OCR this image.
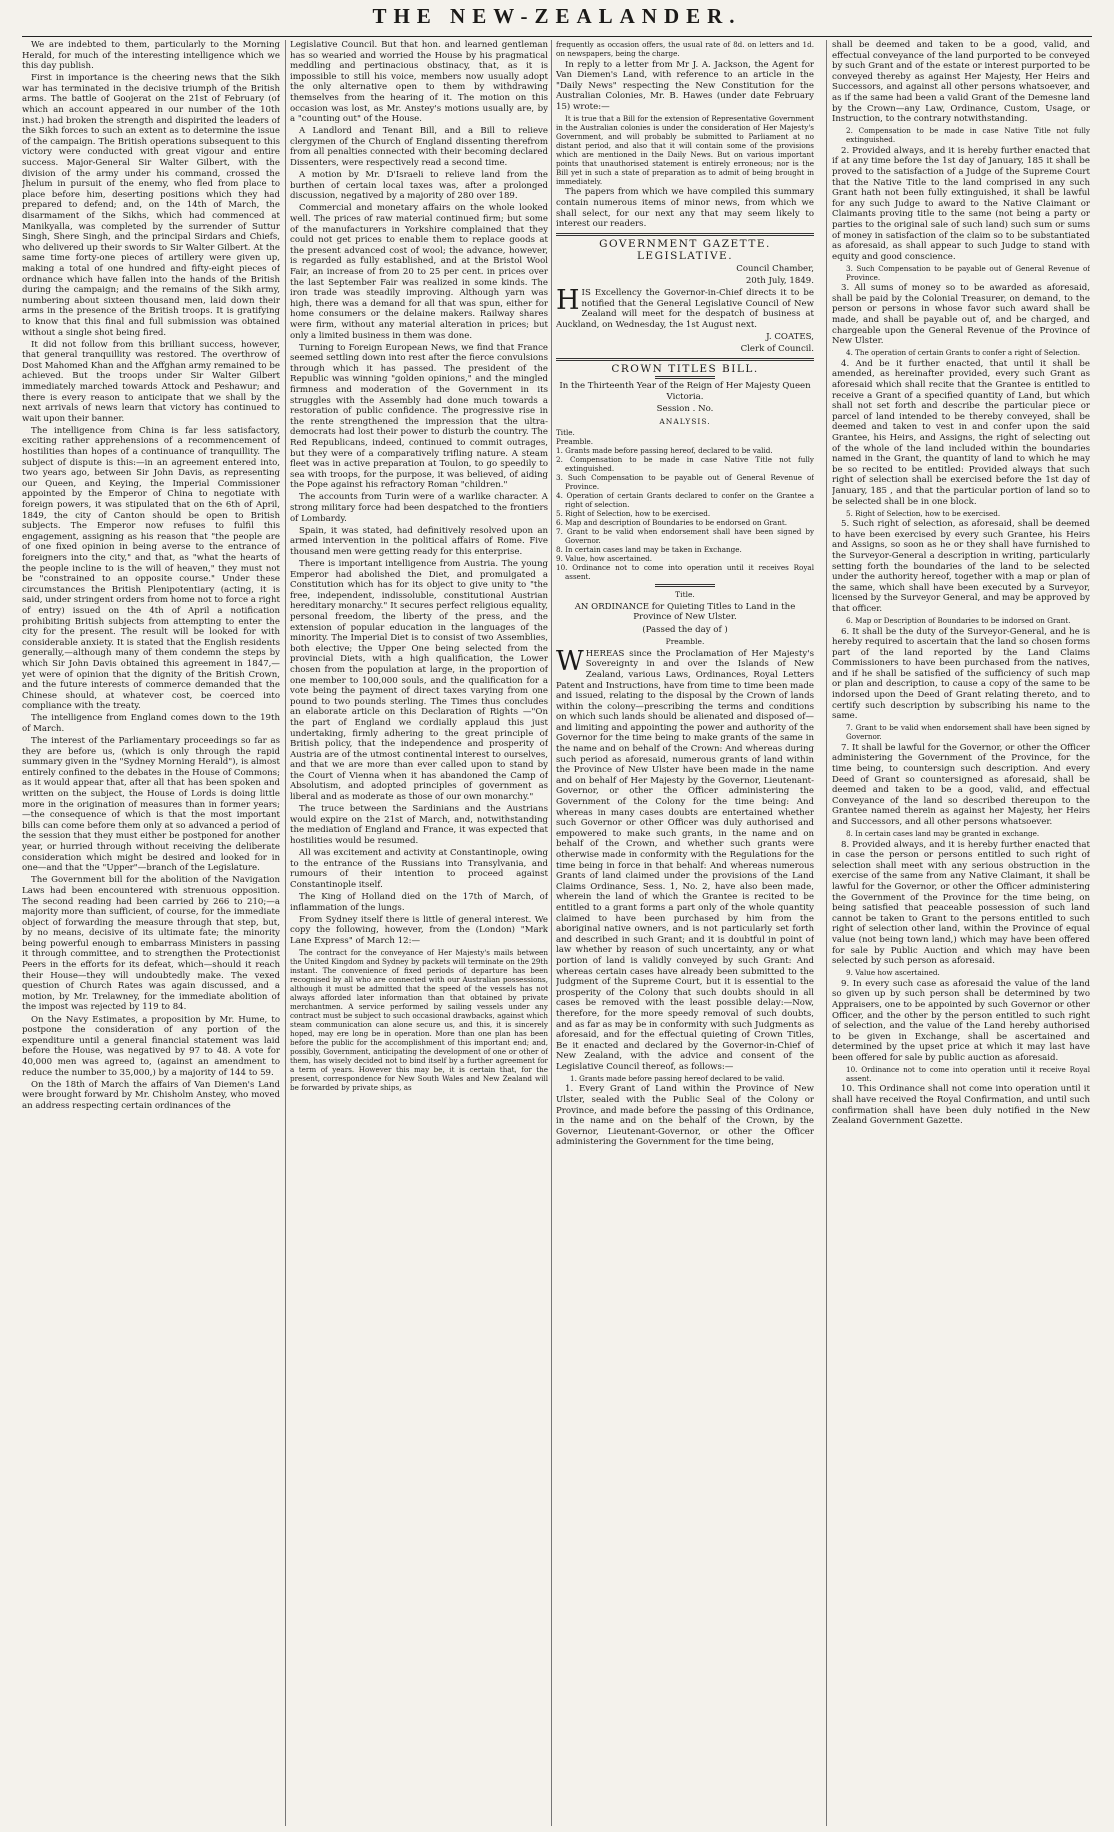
THE NEW-ZEALANDER.

We are indebted to them, particularly to the Morning Herald, for much of the interesting intelligence which we this day publish.

First in importance is the cheering news that the Sikh war has terminated in the decisive triumph of the British arms. The battle of Goojerat on the 21st of February (of which an account appeared in our number of the 10th inst.) had broken the strength and dispirited the leaders of the Sikh forces to such an extent as to determine the issue of the campaign. The British operations subsequent to this victory were conducted with great vigour and entire success. Major-General Sir Walter Gilbert, with the division of the army under his command, crossed the Jhelum in pursuit of the enemy, who fled from place to place before him, deserting positions which they had prepared to defend; and, on the 14th of March, the disarmament of the Sikhs, which had commenced at Manikyalla, was completed by the surrender of Suttur Singh, Shere Singh, and the principal Sirdars and Chiefs, who delivered up their swords to Sir Walter Gilbert. At the same time forty-one pieces of artillery were given up, making a total of one hundred and fifty-eight pieces of ordnance which have fallen into the hands of the British during the campaign; and the remains of the Sikh army, numbering about sixteen thousand men, laid down their arms in the presence of the British troops. It is gratifying to know that this final and full submission was obtained without a single shot being fired.

It did not follow from this brilliant success, however, that general tranquillity was restored. The overthrow of Dost Mahomed Khan and the Affghan army remained to be achieved. But the troops under Sir Walter Gilbert immediately marched towards Attock and Peshawur; and there is every reason to anticipate that we shall by the next arrivals of news learn that victory has continued to wait upon their banner.

The intelligence from China is far less satisfactory, exciting rather apprehensions of a recommencement of hostilities than hopes of a continuance of tranquillity. The subject of dispute is this:—in an agreement entered into, two years ago, between Sir John Davis, as representing our Queen, and Keying, the Imperial Commissioner appointed by the Emperor of China to negotiate with foreign powers, it was stipulated that on the 6th of April, 1849, the city of Canton should be open to British subjects. The Emperor now refuses to fulfil this engagement, assigning as his reason that "the people are of one fixed opinion in being averse to the entrance of foreigners into the city," and that, as "what the hearts of the people incline to is the will of heaven," they must not be "constrained to an opposite course." Under these circumstances the British Plenipotentiary (acting, it is said, under stringent orders from home not to force a right of entry) issued on the 4th of April a notification prohibiting British subjects from attempting to enter the city for the present. The result will be looked for with considerable anxiety. It is stated that the English residents generally,—although many of them condemn the steps by which Sir John Davis obtained this agreement in 1847,—yet were of opinion that the dignity of the British Crown, and the future interests of commerce demanded that the Chinese should, at whatever cost, be coerced into compliance with the treaty.

The intelligence from England comes down to the 19th of March.

The interest of the Parliamentary proceedings so far as they are before us, (which is only through the rapid summary given in the "Sydney Morning Herald"), is almost entirely confined to the debates in the House of Commons; as it would appear that, after all that has been spoken and written on the subject, the House of Lords is doing little more in the origination of measures than in former years;—the consequence of which is that the most important bills can come before them only at so advanced a period of the session that they must either be postponed for another year, or hurried through without receiving the deliberate consideration which might be desired and looked for in one—and that the "Upper"—branch of the Legislature.

The Government bill for the abolition of the Navigation Laws had been encountered with strenuous opposition. The second reading had been carried by 266 to 210;—a majority more than sufficient, of course, for the immediate object of forwarding the measure through that step, but, by no means, decisive of its ultimate fate; the minority being powerful enough to embarrass Ministers in passing it through committee, and to strengthen the Protectionist Peers in the efforts for its defeat, which—should it reach their House—they will undoubtedly make. The vexed question of Church Rates was again discussed, and a motion, by Mr. Trelawney, for the immediate abolition of the impost was rejected by 119 to 84.

On the Navy Estimates, a proposition by Mr. Hume, to postpone the consideration of any portion of the expenditure until a general financial statement was laid before the House, was negatived by 97 to 48. A vote for 40,000 men was agreed to, (against an amendment to reduce the number to 35,000,) by a majority of 144 to 59.

On the 18th of March the affairs of Van Diemen's Land were brought forward by Mr. Chisholm Anstey, who moved an address respecting certain ordinances of the

Legislative Council. But that hon. and learned gentleman has so wearied and worried the House by his pragmatical meddling and pertinacious obstinacy, that, as it is impossible to still his voice, members now usually adopt the only alternative open to them by withdrawing themselves from the hearing of it. The motion on this occasion was lost, as Mr. Anstey's motions usually are, by a "counting out" of the House.

A Landlord and Tenant Bill, and a Bill to relieve clergymen of the Church of England dissenting therefrom from all penalties connected with their becoming declared Dissenters, were respectively read a second time.

A motion by Mr. D'Israeli to relieve land from the burthen of certain local taxes was, after a prolonged discussion, negatived by a majority of 280 over 189.

Commercial and monetary affairs on the whole looked well. The prices of raw material continued firm; but some of the manufacturers in Yorkshire complained that they could not get prices to enable them to replace goods at the present advanced cost of wool; the advance, however, is regarded as fully established, and at the Bristol Wool Fair, an increase of from 20 to 25 per cent. in prices over the last September Fair was realized in some kinds. The iron trade was steadily improving. Although yarn was high, there was a demand for all that was spun, either for home consumers or the delaine makers. Railway shares were firm, without any material alteration in prices; but only a limited business in them was done.

Turning to Foreign European News, we find that France seemed settling down into rest after the fierce convulsions through which it has passed. The president of the Republic was winning "golden opinions," and the mingled firmness and moderation of the Government in its struggles with the Assembly had done much towards a restoration of public confidence. The progressive rise in the rente strengthened the impression that the ultra-democrats had lost their power to disturb the country. The Red Republicans, indeed, continued to commit outrages, but they were of a comparatively trifling nature. A steam fleet was in active preparation at Toulon, to go speedily to sea with troops, for the purpose, it was believed, of aiding the Pope against his refractory Roman "children."

The accounts from Turin were of a warlike character. A strong military force had been despatched to the frontiers of Lombardy.

Spain, it was stated, had definitively resolved upon an armed intervention in the political affairs of Rome. Five thousand men were getting ready for this enterprise.

There is important intelligence from Austria. The young Emperor had abolished the Diet, and promulgated a Constitution which has for its object to give unity to "the free, independent, indissoluble, constitutional Austrian hereditary monarchy." It secures perfect religious equality, personal freedom, the liberty of the press, and the extension of popular education in the languages of the minority. The Imperial Diet is to consist of two Assemblies, both elective; the Upper One being selected from the provincial Diets, with a high qualification, the Lower chosen from the population at large, in the proportion of one member to 100,000 souls, and the qualification for a vote being the payment of direct taxes varying from one pound to two pounds sterling. The Times thus concludes an elaborate article on this Declaration of Rights —"On the part of England we cordially applaud this just undertaking, firmly adhering to the great principle of British policy, that the independence and prosperity of Austria are of the utmost continental interest to ourselves, and that we are more than ever called upon to stand by the Court of Vienna when it has abandoned the Camp of Absolutism, and adopted principles of government as liberal and as moderate as those of our own monarchy."

The truce between the Sardinians and the Austrians would expire on the 21st of March, and, notwithstanding the mediation of England and France, it was expected that hostilities would be resumed.

All was excitement and activity at Constantinople, owing to the entrance of the Russians into Transylvania, and rumours of their intention to proceed against Constantinople itself.

The King of Holland died on the 17th of March, of inflammation of the lungs.

From Sydney itself there is little of general interest. We copy the following, however, from the (London) "Mark Lane Express" of March 12:—

The contract for the conveyance of Her Majesty's mails between the United Kingdom and Sydney by packets will terminate on the 29th instant. The convenience of fixed periods of departure has been recognised by all who are connected with our Australian possessions, although it must be admitted that the speed of the vessels has not always afforded later information than that obtained by private merchantmen. A service performed by sailing vessels under any contract must be subject to such occasional drawbacks, against which steam communication can alone secure us, and this, it is sincerely hoped, may ere long be in operation. More than one plan has been before the public for the accomplishment of this important end; and, possibly, Government, anticipating the development of one or other of them, has wisely decided not to bind itself by a further agreement for a term of years. However this may be, it is certain that, for the present, correspondence for New South Wales and New Zealand will be forwarded by private ships, as

frequently as occasion offers, the usual rate of 8d. on letters and 1d. on newspapers, being the charge.

In reply to a letter from Mr J. A. Jackson, the Agent for Van Diemen's Land, with reference to an article in the "Daily News" respecting the New Constitution for the Australian Colonies, Mr. B. Hawes (under date February 15) wrote:—

It is true that a Bill for the extension of Representative Government in the Australian colonies is under the consideration of Her Majesty's Government, and will probably be submitted to Parliament at no distant period, and also that it will contain some of the provisions which are mentioned in the Daily News. But on various important points that unauthorised statement is entirely erroneous; nor is the Bill yet in such a state of preparation as to admit of being brought in immediately.

The papers from which we have compiled this summary contain numerous items of minor news, from which we shall select, for our next any that may seem likely to interest our readers.

GOVERNMENT GAZETTE.
LEGISLATIVE.

Council Chamber,

20th July, 1849.

HIS Excellency the Governor-in-Chief directs it to be notified that the General Legislative Council of New Zealand will meet for the despatch of business at Auckland, on Wednesday, the 1st August next.

J. COATES,

Clerk of Council.

CROWN TITLES BILL.

In the Thirteenth Year of the Reign of Her Majesty Queen Victoria.

Session . No.

ANALYSIS.
Title.
Preamble.
1. Grants made before passing hereof, declared to be valid.
2. Compensation to be made in case Native Title not fully extinguished.
3. Such Compensation to be payable out of General Revenue of Province.
4. Operation of certain Grants declared to confer on the Grantee a right of selection.
5. Right of Selection, how to be exercised.
6. Map and description of Boundaries to be endorsed on Grant.
7. Grant to be valid when endorsement shall have been signed by Governor.
8. In certain cases land may be taken in Exchange.
9. Value, how ascertained.
10. Ordinance not to come into operation until it receives Royal assent.
Title.

AN ORDINANCE for Quieting Titles to Land in the Province of New Ulster.

(Passed the day of )

Preamble.

WHEREAS since the Proclamation of Her Majesty's Sovereignty in and over the Islands of New Zealand, various Laws, Ordinances, Royal Letters Patent and Instructions, have from time to time been made and issued, relating to the disposal by the Crown of lands within the colony—prescribing the terms and conditions on which such lands should be alienated and disposed of—and limiting and appointing the power and authority of the Governor for the time being to make grants of the same in the name and on behalf of the Crown: And whereas during such period as aforesaid, numerous grants of land within the Province of New Ulster have been made in the name and on behalf of Her Majesty by the Governor, Lieutenant-Governor, or other the Officer administering the Government of the Colony for the time being: And whereas in many cases doubts are entertained whether such Governor or other Officer was duly authorised and empowered to make such grants, in the name and on behalf of the Crown, and whether such grants were otherwise made in conformity with the Regulations for the time being in force in that behalf: And whereas numerous Grants of land claimed under the provisions of the Land Claims Ordinance, Sess. 1, No. 2, have also been made, wherein the land of which the Grantee is recited to be entitled to a grant forms a part only of the whole quantity claimed to have been purchased by him from the aboriginal native owners, and is not particularly set forth and described in such Grant; and it is doubtful in point of law whether by reason of such uncertainty, any or what portion of land is validly conveyed by such Grant: And whereas certain cases have already been submitted to the Judgment of the Supreme Court, but it is essential to the prosperity of the Colony that such doubts should in all cases be removed with the least possible delay:—Now, therefore, for the more speedy removal of such doubts, and as far as may be in conformity with such Judgments as aforesaid, and for the effectual quieting of Crown Titles, Be it enacted and declared by the Governor-in-Chief of New Zealand, with the advice and consent of the Legislative Council thereof, as follows:—

1. Grants made before passing hereof declared to be valid.

1. Every Grant of Land within the Province of New Ulster, sealed with the Public Seal of the Colony or Province, and made before the passing of this Ordinance, in the name and on the behalf of the Crown, by the Governor, Lieutenant-Governor, or other the Officer administering the Government for the time being,

shall be deemed and taken to be a good, valid, and effectual conveyance of the land purported to be conveyed by such Grant and of the estate or interest purported to be conveyed thereby as against Her Majesty, Her Heirs and Successors, and against all other persons whatsoever, and as if the same had been a valid Grant of the Demesne land by the Crown—any Law, Ordinance, Custom, Usage, or Instruction, to the contrary notwithstanding.

2. Compensation to be made in case Native Title not fully extinguished.

2. Provided always, and it is hereby further enacted that if at any time before the 1st day of January, 185 it shall be proved to the satisfaction of a Judge of the Supreme Court that the Native Title to the land comprised in any such Grant hath not been fully extinguished, it shall be lawful for any such Judge to award to the Native Claimant or Claimants proving title to the same (not being a party or parties to the original sale of such land) such sum or sums of money in satisfaction of the claim so to be substantiated as aforesaid, as shall appear to such Judge to stand with equity and good conscience.

3. Such Compensation to be payable out of General Revenue of Province.

3. All sums of money so to be awarded as aforesaid, shall be paid by the Colonial Treasurer, on demand, to the person or persons in whose favor such award shall be made, and shall be payable out of, and be charged, and chargeable upon the General Revenue of the Province of New Ulster.

4. The operation of certain Grants to confer a right of Selection.

4. And be it further enacted, that until it shall be amended, as hereinafter provided, every such Grant as aforesaid which shall recite that the Grantee is entitled to receive a Grant of a specified quantity of Land, but which shall not set forth and describe the particular piece or parcel of land intended to be thereby conveyed, shall be deemed and taken to vest in and confer upon the said Grantee, his Heirs, and Assigns, the right of selecting out of the whole of the land included within the boundaries named in the Grant, the quantity of land to which he may be so recited to be entitled: Provided always that such right of selection shall be exercised before the 1st day of January, 185 , and that the particular portion of land so to be selected shall be in one block.

5. Right of Selection, how to be exercised.

5. Such right of selection, as aforesaid, shall be deemed to have been exercised by every such Grantee, his Heirs and Assigns, so soon as he or they shall have furnished to the Surveyor-General a description in writing, particularly setting forth the boundaries of the land to be selected under the authority hereof, together with a map or plan of the same, which shall have been executed by a Surveyor, licensed by the Surveyor General, and may be approved by that officer.

6. Map or Description of Boundaries to be indorsed on Grant.

6. It shall be the duty of the Surveyor-General, and he is hereby required to ascertain that the land so chosen forms part of the land reported by the Land Claims Commissioners to have been purchased from the natives, and if he shall be satisfied of the sufficiency of such map or plan and description, to cause a copy of the same to be indorsed upon the Deed of Grant relating thereto, and to certify such description by subscribing his name to the same.

7. Grant to be valid when endorsement shall have been signed by Governor.

7. It shall be lawful for the Governor, or other the Officer administering the Government of the Province, for the time being, to countersign such description. And every Deed of Grant so countersigned as aforesaid, shall be deemed and taken to be a good, valid, and effectual Conveyance of the land so described thereupon to the Grantee named therein as against her Majesty, her Heirs and Successors, and all other persons whatsoever.

8. In certain cases land may be granted in exchange.

8. Provided always, and it is hereby further enacted that in case the person or persons entitled to such right of selection shall meet with any serious obstruction in the exercise of the same from any Native Claimant, it shall be lawful for the Governor, or other the Officer administering the Government of the Province for the time being, on being satisfied that peaceable possession of such land cannot be taken to Grant to the persons entitled to such right of selection other land, within the Province of equal value (not being town land,) which may have been offered for sale by Public Auction and which may have been selected by such person as aforesaid.

9. Value how ascertained.

9. In every such case as aforesaid the value of the land so given up by such person shall be determined by two Appraisers, one to be appointed by such Governor or other Officer, and the other by the person entitled to such right of selection, and the value of the Land hereby authorised to be given in Exchange, shall be ascertained and determined by the upset price at which it may last have been offered for sale by public auction as aforesaid.

10. Ordinance not to come into operation until it receive Royal assent.

10. This Ordinance shall not come into operation until it shall have received the Royal Confirmation, and until such confirmation shall have been duly notified in the New Zealand Government Gazette.
